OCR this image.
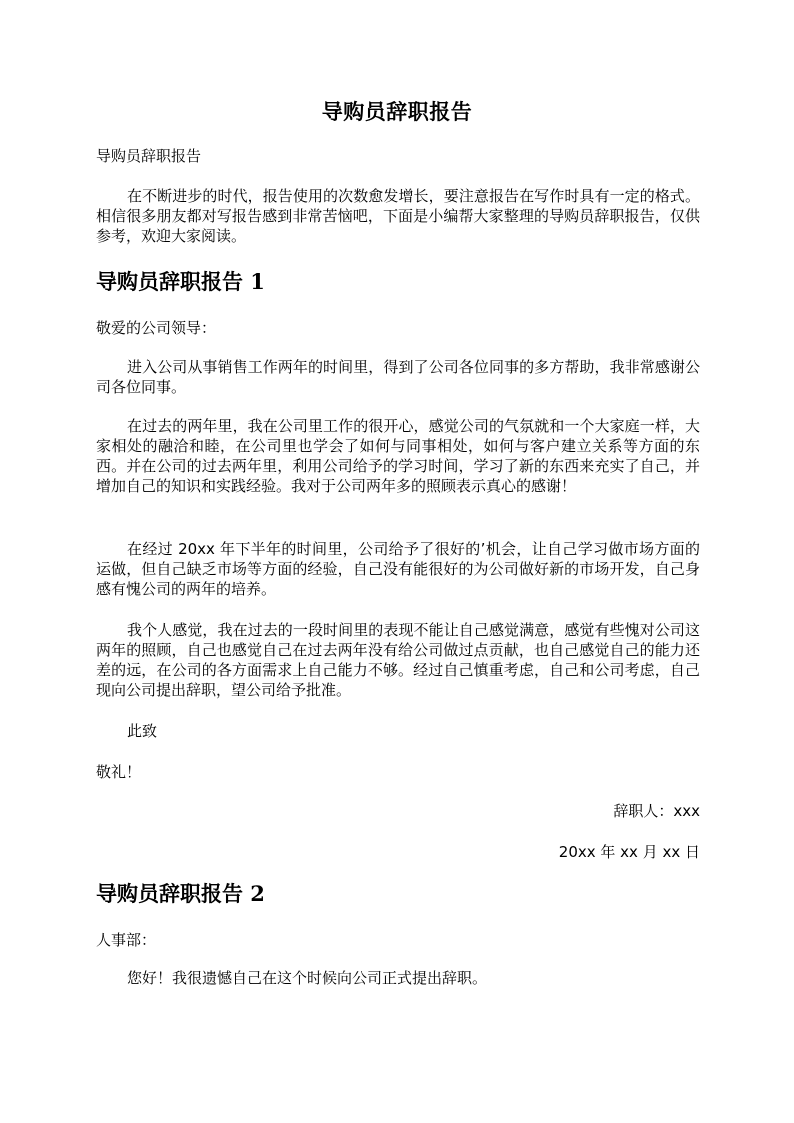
导购员辞职报告
导购员辞职报告
在不断进步的时代，报告使用的次数愈发增长，要注意报告在写作时具有一定的格式。相信很多朋友都对写报告感到非常苦恼吧，下面是小编帮大家整理的导购员辞职报告，仅供参考，欢迎大家阅读。
导购员辞职报告 1
敬爱的公司领导：
进入公司从事销售工作两年的时间里，得到了公司各位同事的多方帮助，我非常感谢公司各位同事。
在过去的两年里，我在公司里工作的很开心，感觉公司的气氛就和一个大家庭一样，大家相处的融洽和睦，在公司里也学会了如何与同事相处，如何与客户建立关系等方面的东西。并在公司的过去两年里，利用公司给予的学习时间，学习了新的东西来充实了自己，并增加自己的知识和实践经验。我对于公司两年多的照顾表示真心的感谢！
在经过 20xx 年下半年的时间里，公司给予了很好的’机会，让自己学习做市场方面的运做，但自己缺乏市场等方面的经验，自己没有能很好的为公司做好新的市场开发，自己身感有愧公司的两年的培养。
我个人感觉，我在过去的一段时间里的表现不能让自己感觉满意，感觉有些愧对公司这两年的照顾，自己也感觉自己在过去两年没有给公司做过点贡献，也自己感觉自己的能力还差的远，在公司的各方面需求上自己能力不够。经过自己慎重考虑，自己和公司考虑，自己现向公司提出辞职，望公司给予批准。
此致
敬礼！
辞职人：xxx
20xx 年 xx 月 xx 日
导购员辞职报告 2
人事部：
您好！我很遗憾自己在这个时候向公司正式提出辞职。
